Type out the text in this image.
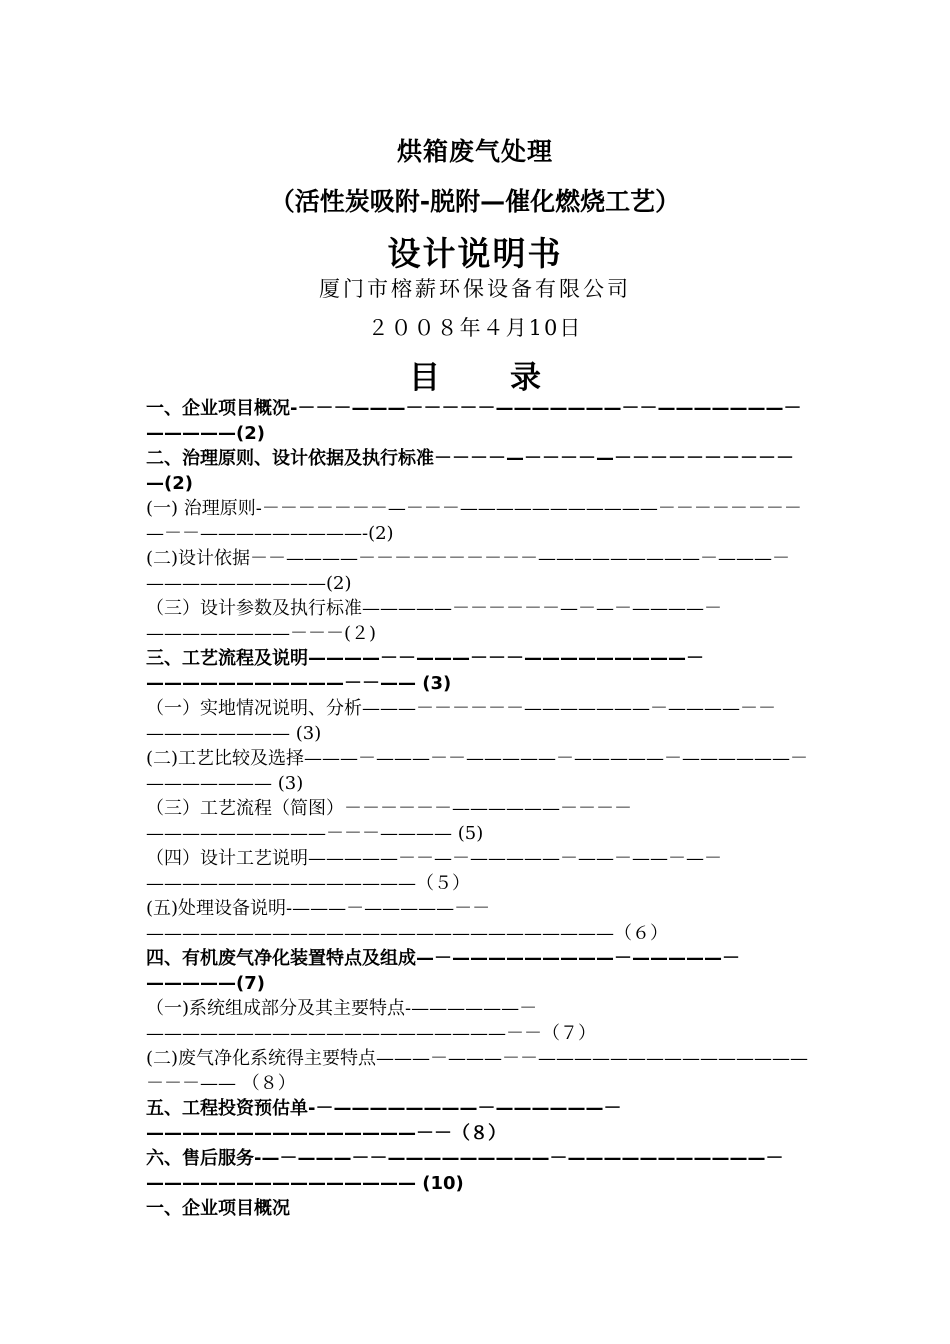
烘箱废气处理
（活性炭吸附-脱附—催化燃烧工艺）
设计说明书
厦门市榕薪环保设备有限公司
２００８年４月10日
目 录
一、企业项目概况-－－－———－－－－－———————－－———————－—————(2)
二、治理原则、设计依据及执行标准－－－－—－－－－—－－－－－－－－－－—(2)
(一) 治理原则-－－－－－－－—－－－———————————－－－－－－－－—－－—————————-(2)
(二)设计依据－－————－－－－－－－－－－—————————－———－——————————(2)
（三）设计参数及执行标准—————－－－－－－—－—－————－————————－－－(２)
三、工艺流程及说明————－－———－－－—————————－———————————－－—— (3)
（一）实地情况说明、分析———－－－－－－———————－————－－———————— (3)
(二)工艺比较及选择———－———－－—————－—————－——————－——————— (3)
（三）工艺流程（简图）－－－－－－——————－－－－——————————－－－———— (5)
（四）设计工艺说明—————－－—－—————－——－——－—－———————————————（５）
(五)处理设备说明-———－—————－－——————————————————————————（６）
四、有机废气净化装置特点及组成—－—————————－—————－—————(7)
（一)系统组成部分及其主要特点-——————－————————————————————－－（７）
(二)废气净化系统得主要特点———－———－－———————————————－－－—— （８）
五、工程投资预估单-－————————－——————－———————————————－－（８）
六、售后服务-—－———－－—————————－———————————－——————————————— (10)
一、企业项目概况
